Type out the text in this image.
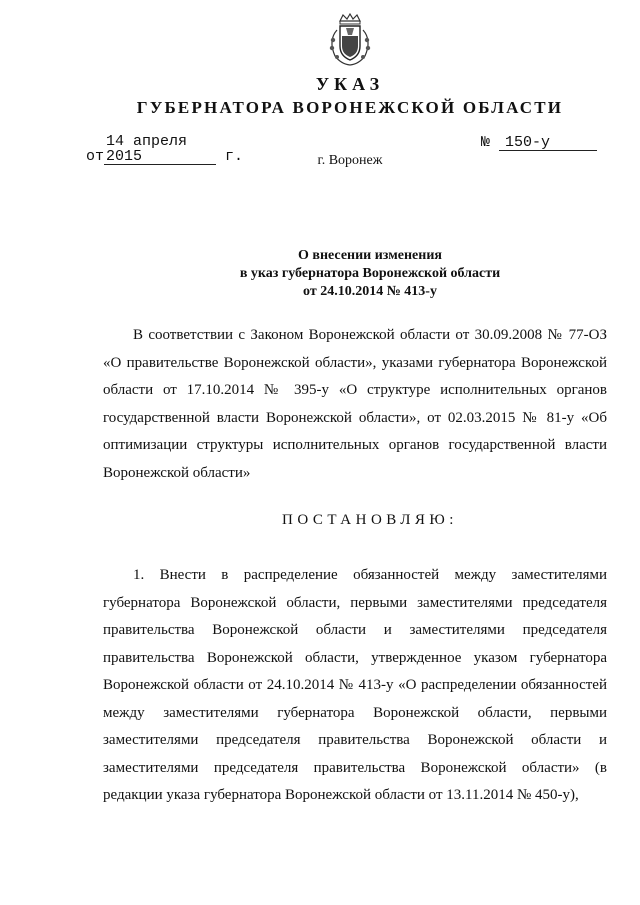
УКАЗ
ГУБЕРНАТОРА ВОРОНЕЖСКОЙ ОБЛАСТИ
от14 апреля 2015	г.
№ 150-у
г. Воронеж
О внесении изменения
в указ губернатора Воронежской области
от 24.10.2014 № 413-у

В соответствии с Законом Воронежской области от 30.09.2008 № 77-ОЗ «О правительстве Воронежской области», указами губернатора Воронежской области от 17.10.2014 № 395-у «О структуре исполнительных органов государственной власти Воронежской области», от 02.03.2015 № 81-у «Об оптимизации структуры исполнительных органов государственной власти Воронежской области»

ПОСТАНОВЛЯЮ:

1. Внести в распределение обязанностей между заместителями губернатора Воронежской области, первыми заместителями председателя правительства Воронежской области и заместителями председателя правительства Воронежской области, утвержденное указом губернатора Воронежской области от 24.10.2014 № 413-у «О распределении обязанностей между заместителями губернатора Воронежской области, первыми заместителями председателя правительства Воронежской области и заместителями председателя правительства Воронежской области» (в редакции указа губернатора Воронежской области от 13.11.2014 № 450-у),
